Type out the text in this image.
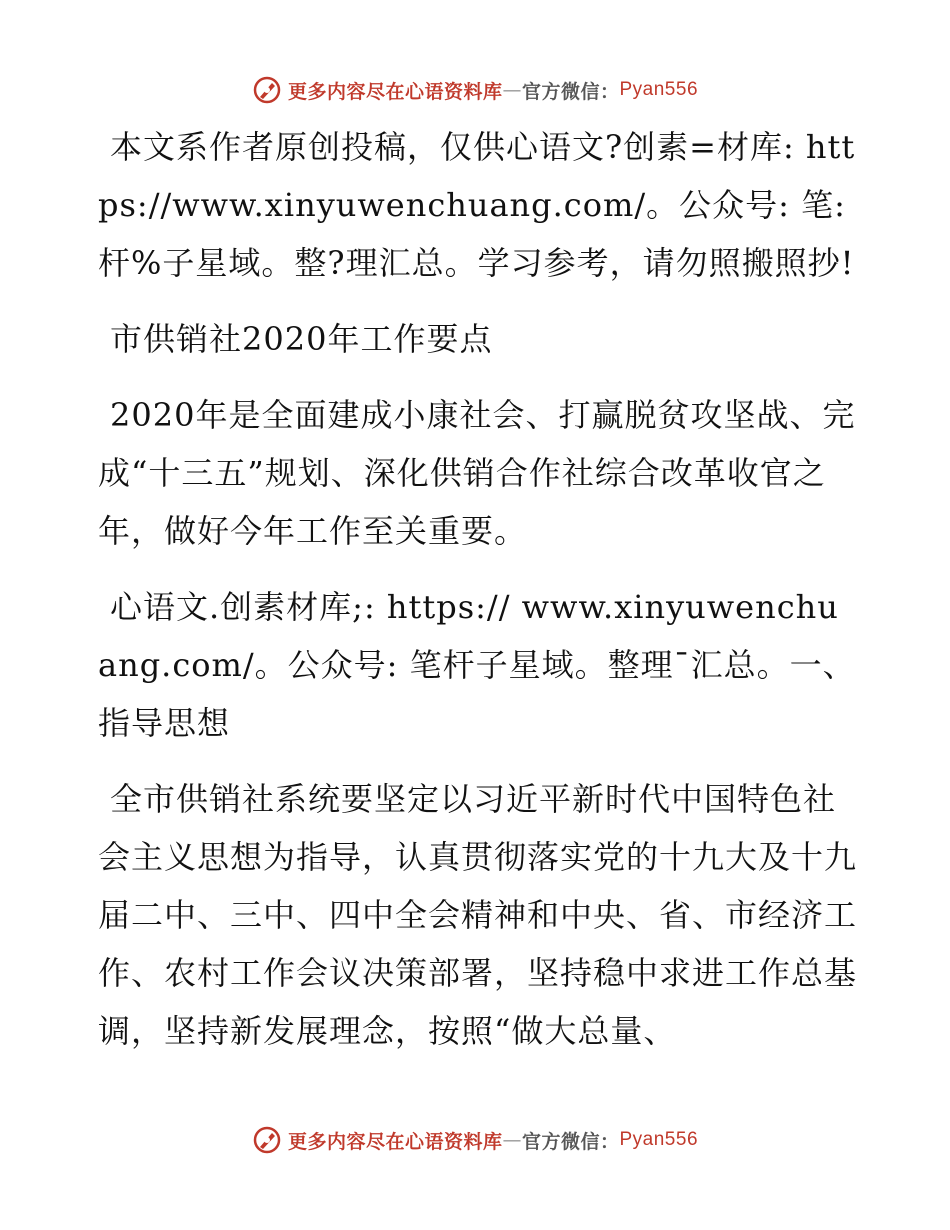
更多内容尽在心语资料库 — 官方微信： Pyan556

本文系作者原创投稿，仅供心语文?创素=材库: https://www.xinyuwenchuang.com/。公众号: 笔: 杆%子星域。整?理汇总。学习参考，请勿照搬照抄!

市供销社2020年工作要点

2020年是全面建成小康社会、打赢脱贫攻坚战、完成“十三五”规划、深化供销合作社综合改革收官之年，做好今年工作至关重要。

心语文.创素材库;: https:// www.xinyuwenchuang.com/。公众号: 笔杆子星域。整理¯汇总。一、指导思想

全市供销社系统要坚定以习近平新时代中国特色社会主义思想为指导，认真贯彻落实党的十九大及十九届二中、三中、四中全会精神和中央、省、市经济工作、农村工作会议决策部署，坚持稳中求进工作总基调，坚持新发展理念，按照“做大总量、

更多内容尽在心语资料库 — 官方微信： Pyan556
